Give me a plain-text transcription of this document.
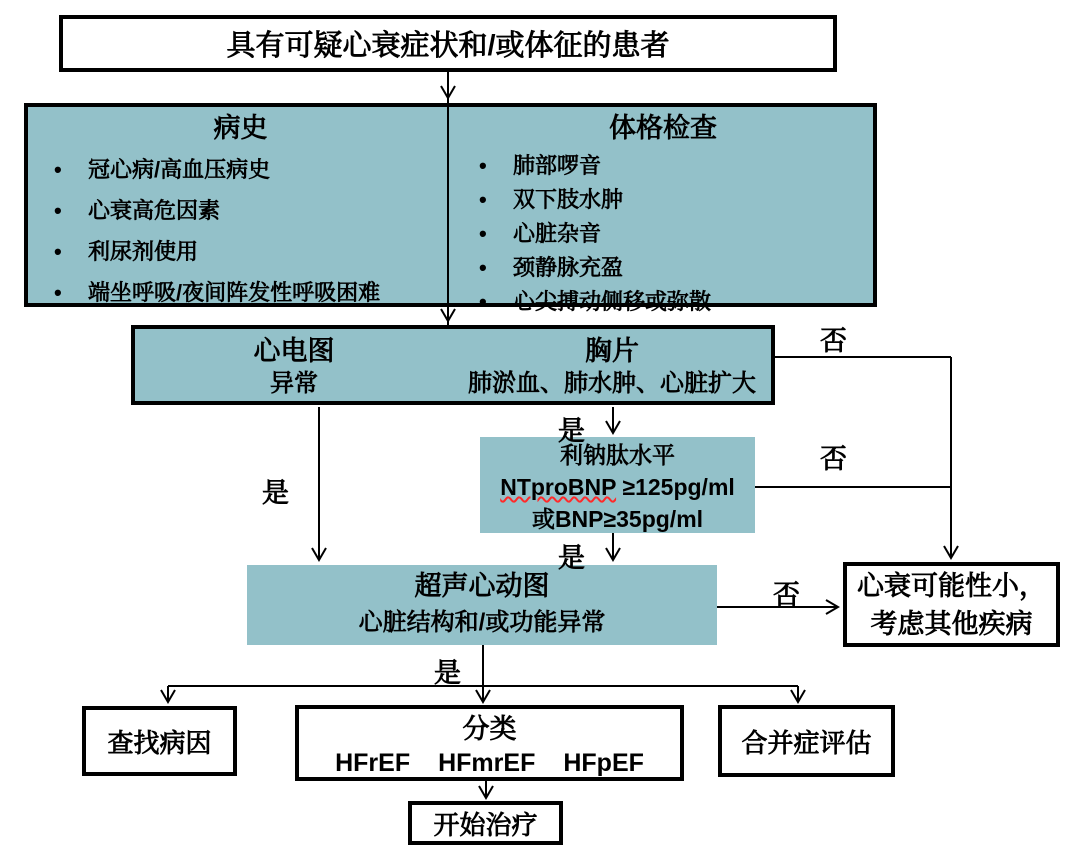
具有可疑心衰症状和/或体征的患者
病史
• 冠心病/高血压病史
• 心衰高危因素
• 利尿剂使用
• 端坐呼吸/夜间阵发性呼吸困难
体格检查
• 肺部啰音
• 双下肢水肿
• 心脏杂音
• 颈静脉充盈
• 心尖搏动侧移或弥散
心电图
异常
胸片
肺淤血、肺水肿、心脏扩大
利钠肽水平
NTproBNP ≥125pg/ml
或BNP≥35pg/ml
超声心动图
心脏结构和/或功能异常
心衰可能性小，
考虑其他疾病
查找病因	分类
HFrEF HFmrEF HFpEF
合并症评估
开始治疗
是
否
否
是
是
否
是
